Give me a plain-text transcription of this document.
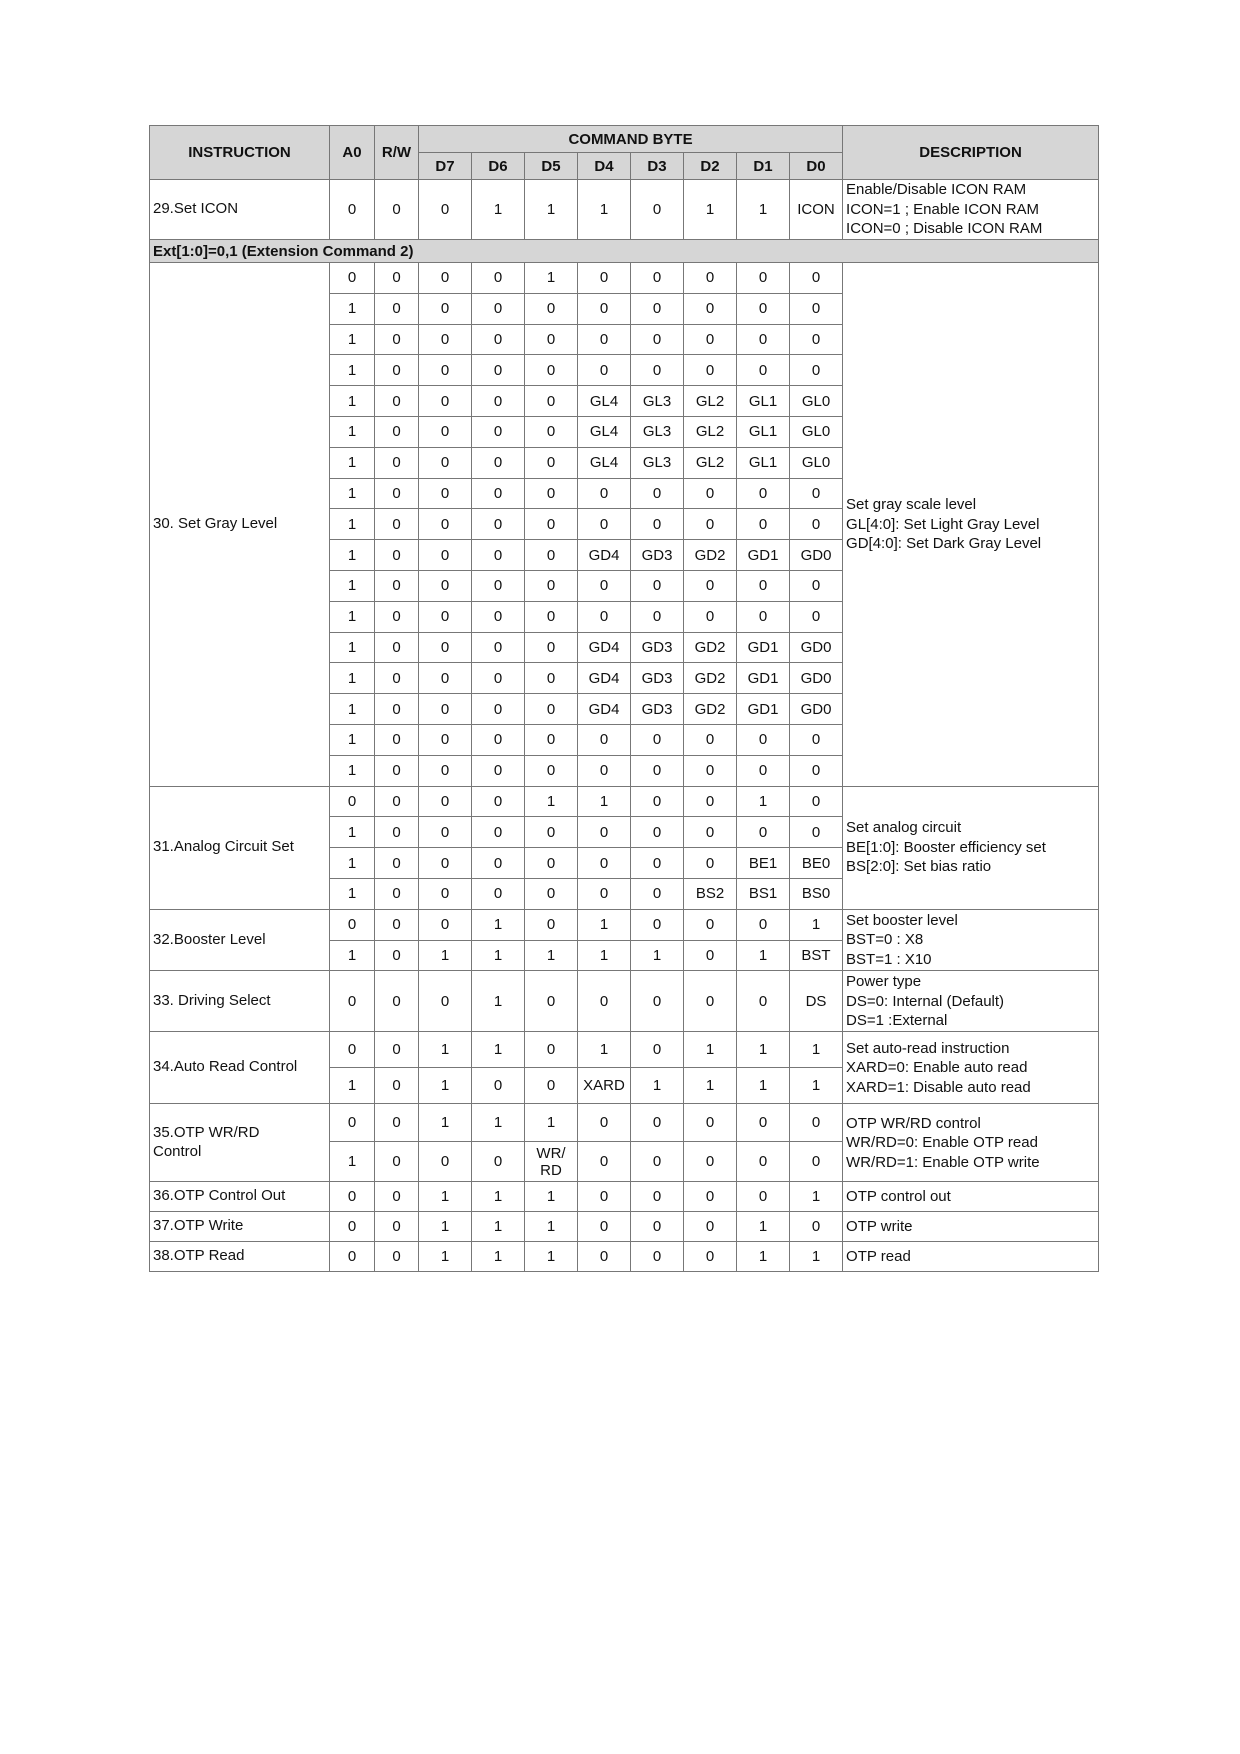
INSTRUCTION	A0	R/W	COMMAND BYTE								DESCRIPTION
			D7	D6	D5	D4	D3	D2	D1	D0	

29.Set ICON	0	0	0	1	1	1	0	1	1	ICON	Enable/Disable ICON RAM
ICON=1 ; Enable ICON RAM
ICON=0 ; Disable ICON RAM

Ext[1:0]=0,1 (Extension Command 2)											

30. Set Gray Level	0	0	0	0	1	0	0	0	0	0	Set gray scale level
GL[4:0]: Set Light Gray Level
GD[4:0]: Set Dark Gray Level

	1	0	0	0	0	0	0	0	0	0	
	1	0	0	0	0	0	0	0	0	0	
	1	0	0	0	0	0	0	0	0	0	
	1	0	0	0	0	GL4	GL3	GL2	GL1	GL0	
	1	0	0	0	0	GL4	GL3	GL2	GL1	GL0	
	1	0	0	0	0	GL4	GL3	GL2	GL1	GL0	
	1	0	0	0	0	0	0	0	0	0	
	1	0	0	0	0	0	0	0	0	0	
	1	0	0	0	0	GD4	GD3	GD2	GD1	GD0	
	1	0	0	0	0	0	0	0	0	0	
	1	0	0	0	0	0	0	0	0	0	
	1	0	0	0	0	GD4	GD3	GD2	GD1	GD0	
	1	0	0	0	0	GD4	GD3	GD2	GD1	GD0	
	1	0	0	0	0	GD4	GD3	GD2	GD1	GD0	
	1	0	0	0	0	0	0	0	0	0	
	1	0	0	0	0	0	0	0	0	0	

31.Analog Circuit Set	0	0	0	0	1	1	0	0	1	0	Set analog circuit
BE[1:0]: Booster efficiency set
BS[2:0]: Set bias ratio

	1	0	0	0	0	0	0	0	0	0	
	1	0	0	0	0	0	0	0	BE1	BE0	
	1	0	0	0	0	0	0	BS2	BS1	BS0	

32.Booster Level	0	0	0	1	0	1	0	0	0	1	Set booster level
BST=0 : X8
BST=1 : X10

	1	0	1	1	1	1	1	0	1	BST	

33. Driving Select	0	0	0	1	0	0	0	0	0	DS	Power type
DS=0: Internal (Default)
DS=1 :External

34.Auto Read Control	0	0	1	1	0	1	0	1	1	1	Set auto-read instruction
XARD=0: Enable auto read
XARD=1: Disable auto read

	1	0	1	0	0	XARD	1	1	1	1	

35.OTP WR/RD
Control	0	0	1	1	1	0	0	0	0	0	OTP WR/RD control
WR/RD=0: Enable OTP read
WR/RD=1: Enable OTP write

	1	0	0	0	WR/
RD	0	0	0	0	0	

36.OTP Control Out	0	0	1	1	1	0	0	0	0	1	OTP control out

37.OTP Write	0	0	1	1	1	0	0	0	1	0	OTP write

38.OTP Read	0	0	1	1	1	0	0	0	1	1	OTP read
